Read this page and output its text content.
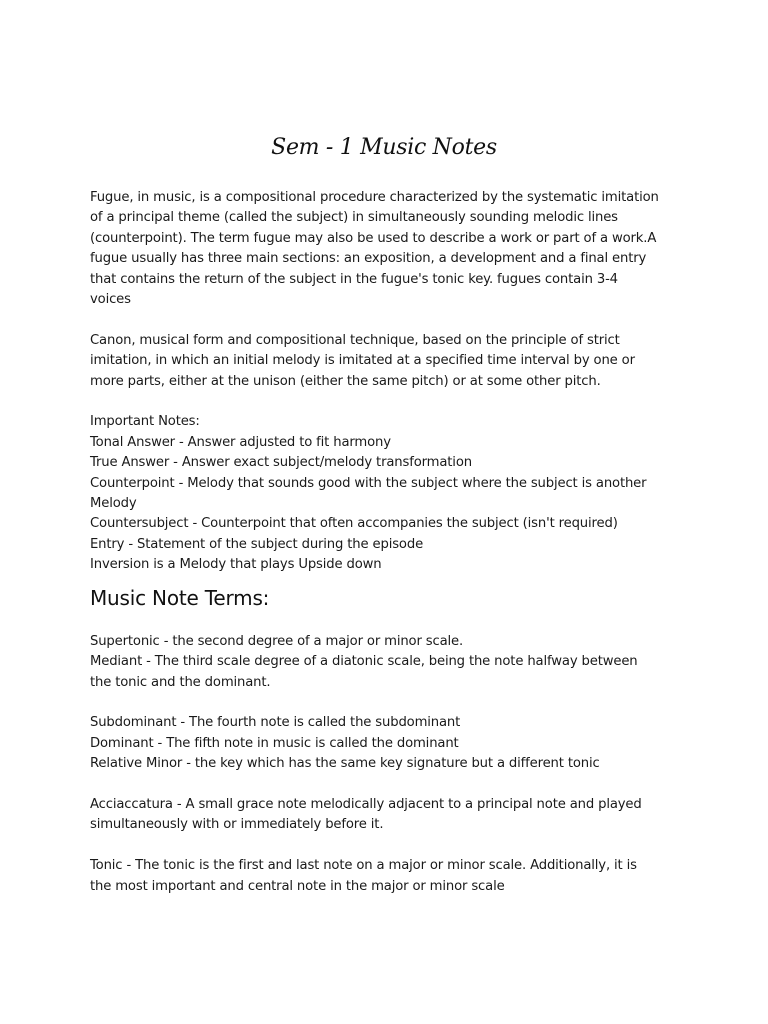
Sem - 1 Music Notes

Fugue, in music, is a compositional procedure characterized by the systematic imitation
of a principal theme (called the subject) in simultaneously sounding melodic lines
(counterpoint). The term fugue may also be used to describe a work or part of a work.A
fugue usually has three main sections: an exposition, a development and a final entry
that contains the return of the subject in the fugue's tonic key. fugues contain 3-4
voices

Canon, musical form and compositional technique, based on the principle of strict
imitation, in which an initial melody is imitated at a specified time interval by one or
more parts, either at the unison (either the same pitch) or at some other pitch.

Important Notes:
Tonal Answer - Answer adjusted to fit harmony
True Answer - Answer exact subject/melody transformation
Counterpoint - Melody that sounds good with the subject where the subject is another
Melody
Countersubject - Counterpoint that often accompanies the subject (isn't required)
Entry - Statement of the subject during the episode
Inversion is a Melody that plays Upside down

Music Note Terms:

Supertonic - the second degree of a major or minor scale.
Mediant - The third scale degree of a diatonic scale, being the note halfway between
the tonic and the dominant.

Subdominant - The fourth note is called the subdominant
Dominant - The fifth note in music is called the dominant
Relative Minor - the key which has the same key signature but a different tonic

Acciaccatura - A small grace note melodically adjacent to a principal note and played
simultaneously with or immediately before it.

Tonic - The tonic is the first and last note on a major or minor scale. Additionally, it is
the most important and central note in the major or minor scale
